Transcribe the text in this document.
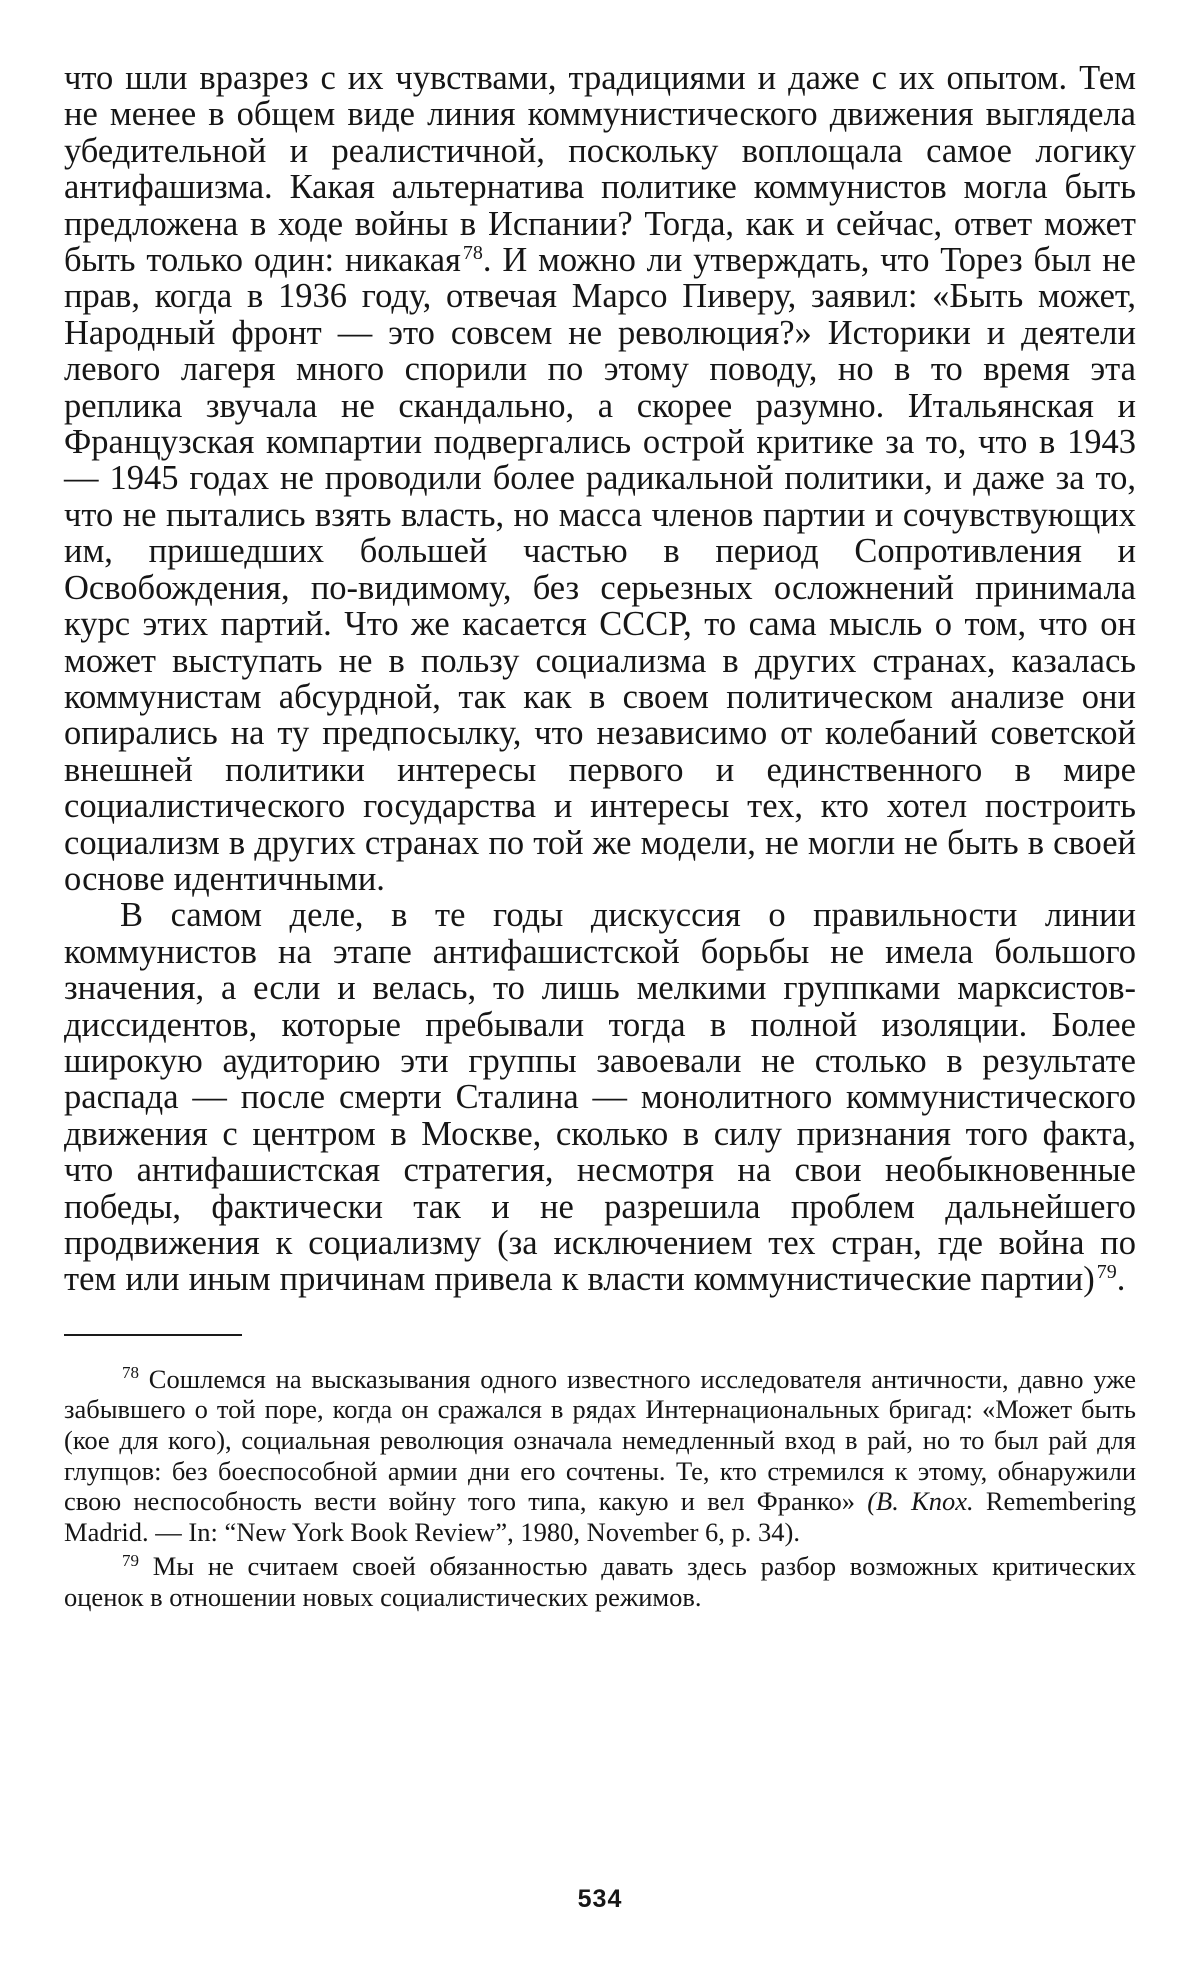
что шли вразрез с их чувствами, традициями и даже с их опытом. Тем не менее в общем виде линия коммунистического движения выглядела убедительной и реалистичной, поскольку воплощала самое логику антифашизма. Какая альтернатива политике коммунистов могла быть предложена в ходе войны в Испании? Тогда, как и сейчас, ответ может быть только один: никакая $^{78}$. И можно ли утверждать, что Торез был не прав, когда в 1936 году, отвечая Марсо Пиверу, заявил: «Быть может, Народный фронт — это совсем не революция?» Историки и деятели левого лагеря много спорили по этому поводу, но в то время эта реплика звучала не скандально, а скорее разумно. Итальянская и Французская компартии подвергались острой критике за то, что в 1943— 1945 годах не проводили более радикальной политики, и даже за то, что не пытались взять власть, но масса членов партии и сочувствующих им, пришедших большей частью в период Сопротивления и Освобождения, по-видимому, без серьезных осложнений принимала курс этих партий. Что же касается СССР, то сама мысль о том, что он может выступать не в пользу социализма в других странах, казалась коммунистам абсурдной, так как в своем политическом анализе они опирались на ту предпосылку, что независимо от колебаний советской внешней политики интересы первого и единственного в мире социалистического государства и интересы тех, кто хотел построить социализм в других странах по той же модели, не могли не быть в своей основе идентичными.

В самом деле, в те годы дискуссия о правильности линии коммунистов на этапе антифашистской борьбы не имела большого значения, а если и велась, то лишь мелкими группками марксистов-диссидентов, которые пребывали тогда в полной изоляции. Более широкую аудиторию эти группы завоевали не столько в результате распада — после смерти Сталина — монолитного коммунистического движения с центром в Москве, сколько в силу признания того факта, что антифашистская стратегия, несмотря на свои необыкновенные победы, фактически так и не разрешила проблем дальнейшего продвижения к социализму (за исключением тех стран, где война по тем или иным причинам привела к власти коммунистические партии) $^{79}$.

$^{78}$ Сошлемся на высказывания одного известного исследователя античности, давно уже забывшего о той поре, когда он сражался в рядах Интернациональных бригад: «Может быть (кое для кого), социальная революция означала немедленный вход в рай, но то был рай для глупцов: без боеспособной армии дни его сочтены. Те, кто стремился к этому, обнаружили свою неспособность вести войну того типа, какую и вел Франко» (B. Knox. Remembering Madrid. — In: “New York Book Review”, 1980, November 6, p. 34).

$^{79}$ Мы не считаем своей обязанностью давать здесь разбор возможных критических оценок в отношении новых социалистических режимов.

534
